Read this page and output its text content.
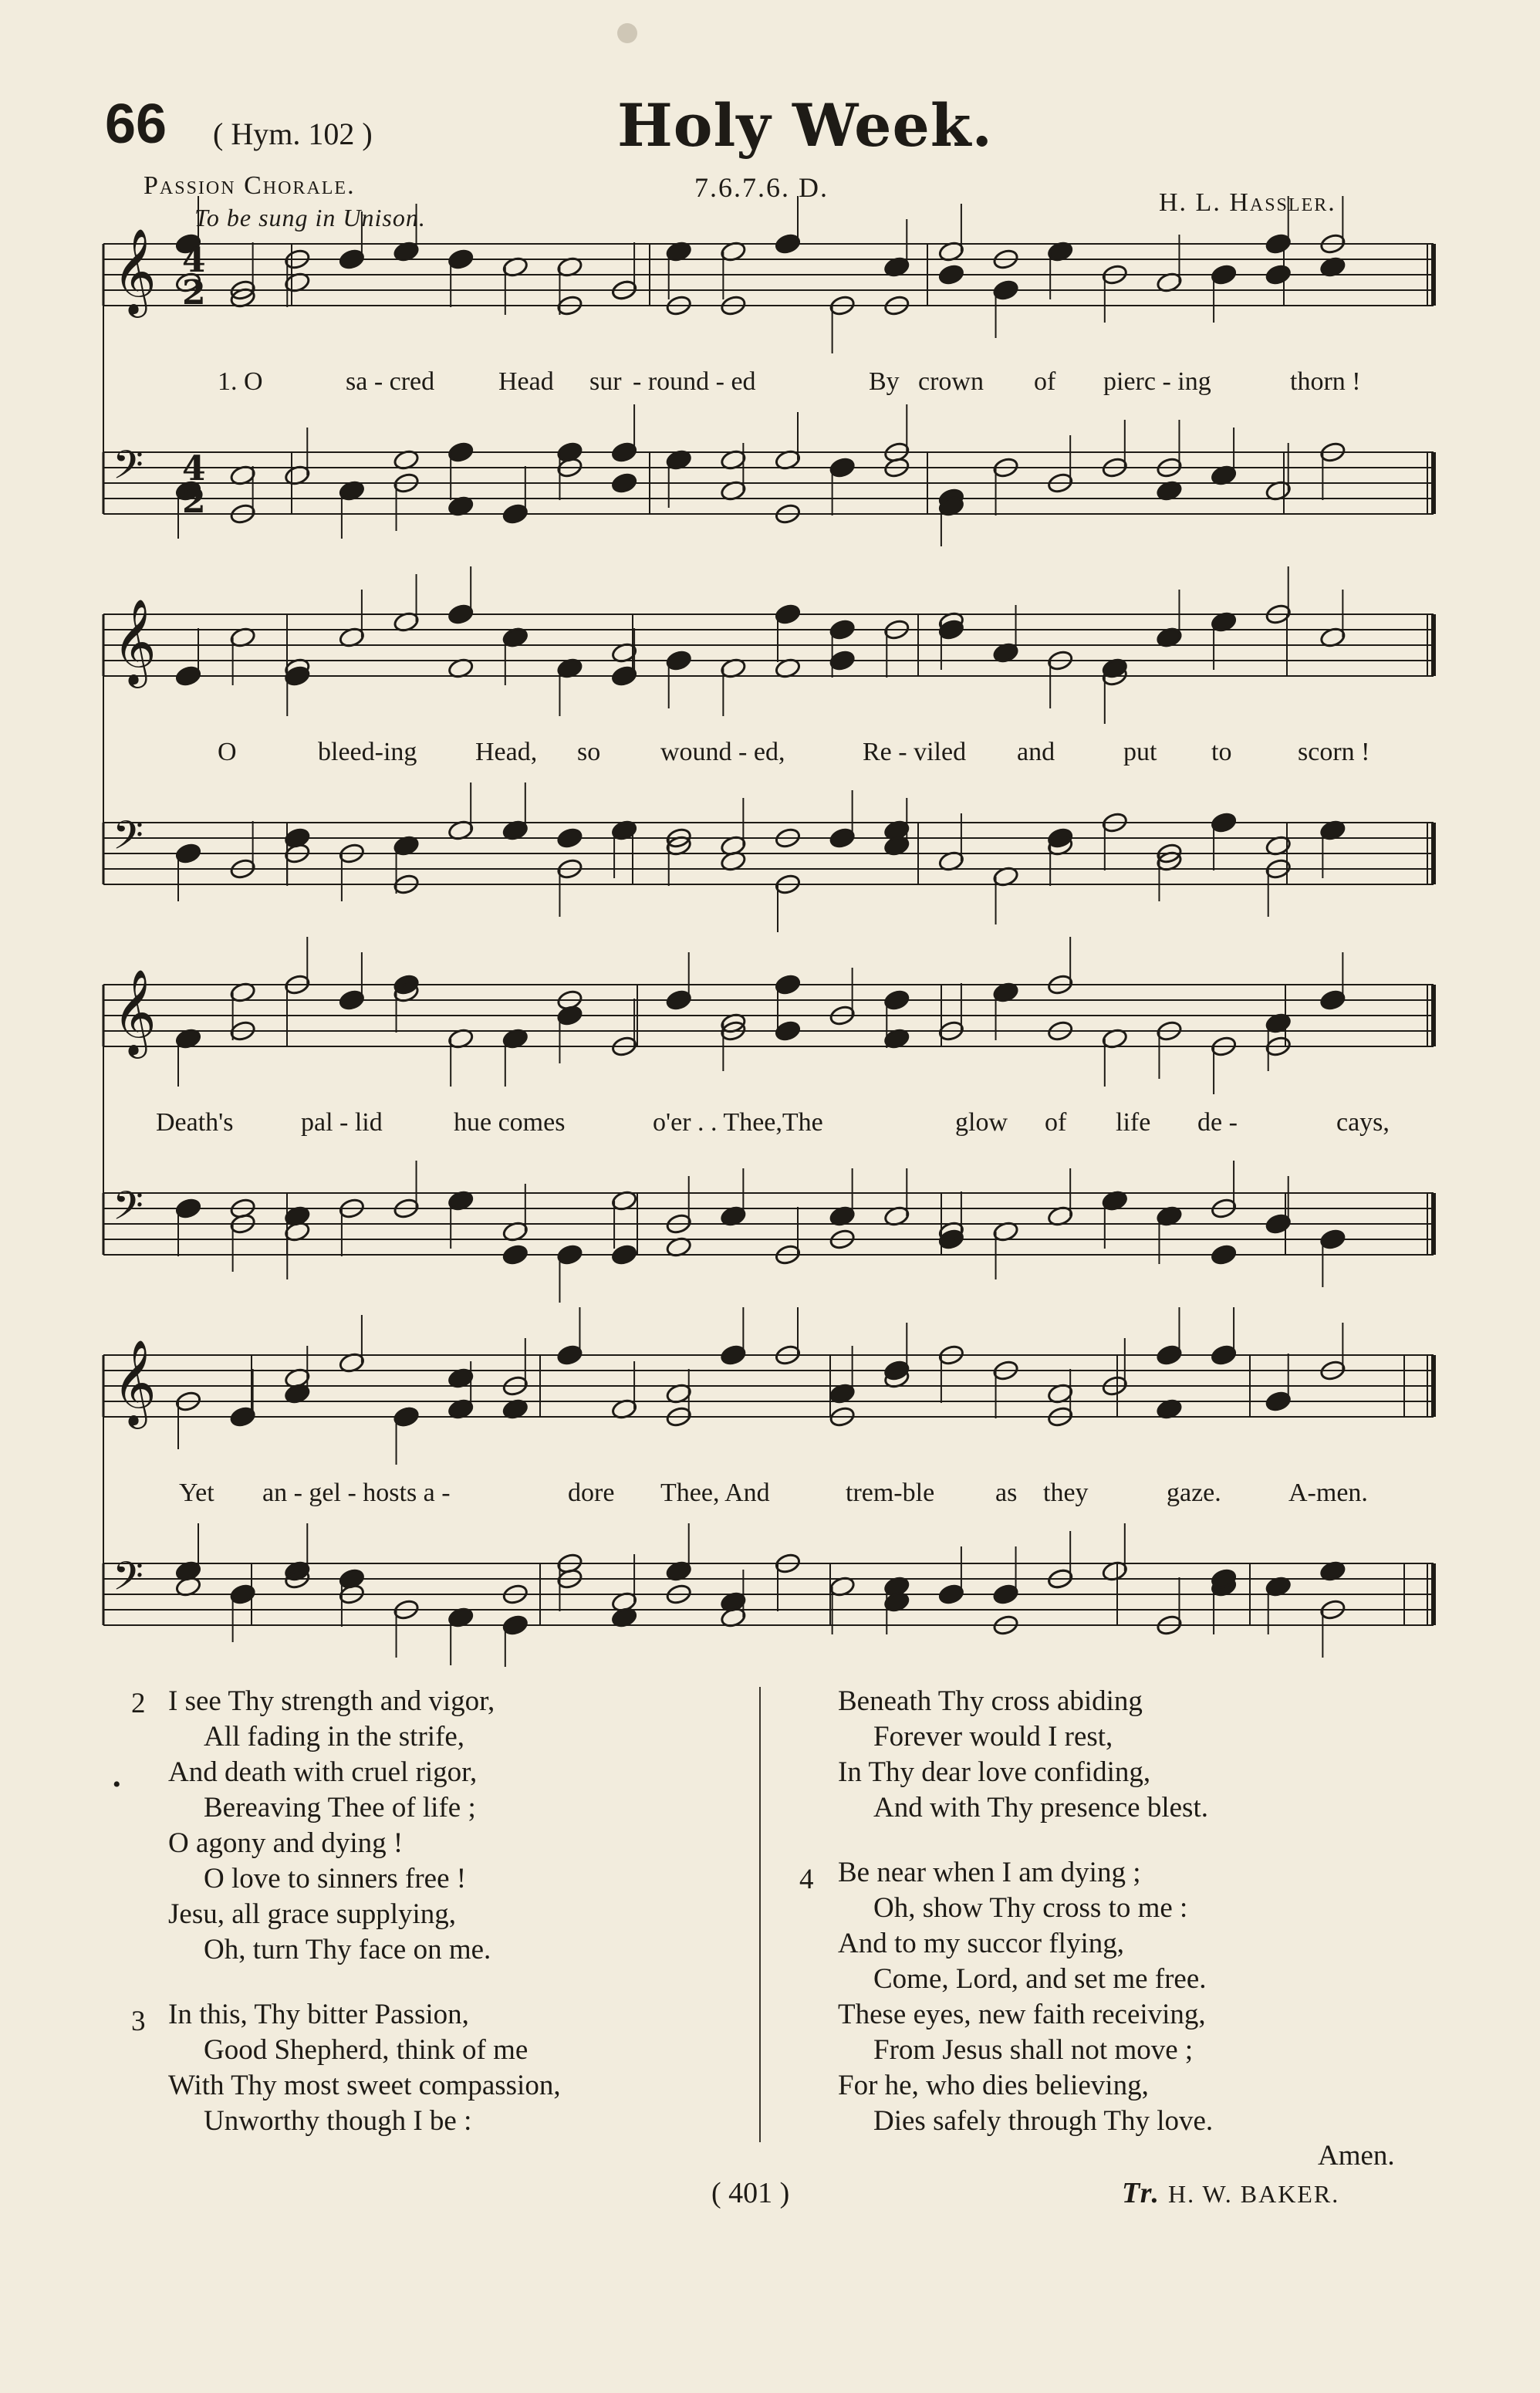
66 ( Hym. 102 )	Holy Week.
Passion Chorale.	7.6.7.6. D.	H. L. Hassler.
To be sung in Unison.
𝄞
𝄢
𝄞
𝄢
𝄞
𝄢
𝄞
𝄢
4
2
4
2
1. O	sa - cred Head sur - round - ed	By crown of pierc - ing	thorn !
O	bleed-ing Head, so wound - ed,	Re - viled and	put to	scorn !
Death's	pal - lid	hue comes	o'er . . Thee,The	glow of life de -	cays,
Yet an - gel - hosts a -	dore Thee, And	trem-ble as they	gaze.	A-men.
2
•
I see Thy strength and vigor,
All fading in the strife,
And death with cruel rigor,
Bereaving Thee of life ;
O agony and dying !
O love to sinners free !
Jesu, all grace supplying,
Oh, turn Thy face on me.
3 In this, Thy bitter Passion,
Good Shepherd, think of me
With Thy most sweet compassion,
Unworthy though I be :
Beneath Thy cross abiding
Forever would I rest,
In Thy dear love confiding,
And with Thy presence blest.
4 Be near when I am dying ;
Oh, show Thy cross to me :
And to my succor flying,
Come, Lord, and set me free.
These eyes, new faith receiving,
From Jesus shall not move ;
For he, who dies believing,
Dies safely through Thy love.
Amen.
( 401 )	Tr. H. W. BAKER.
